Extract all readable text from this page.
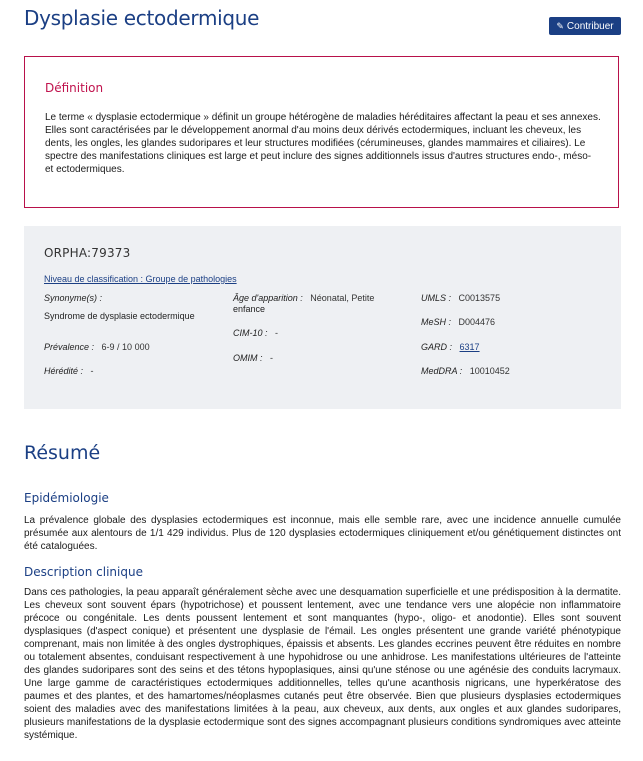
Dysplasie ectodermique	✎ Contribuer
Définition

Le terme « dysplasie ectodermique » définit un groupe hétérogène de maladies héréditaires affectant la peau et ses annexes. Elles sont caractérisées par le développement anormal d'au moins deux dérivés ectodermiques, incluant les cheveux, les dents, les ongles, les glandes sudoripares et leur structures modifiées (cérumineuses, glandes mammaires et ciliaires). Le spectre des manifestations cliniques est large et peut inclure des signes additionnels issus d'autres structures endo-, méso- et ectodermiques.

ORPHA:79373
Niveau de classification : Groupe de pathologies
Synonyme(s) :
Syndrome de dysplasie ectodermique
Prévalence : 6-9 / 10 000
Hérédité : -
Âge d'apparition : Néonatal, Petite
enfance
CIM-10 : -
OMIM : -
UMLS : C0013575
MeSH : D004476
GARD : 6317
MedDRA : 10010452
Résumé
Epidémiologie

La prévalence globale des dysplasies ectodermiques est inconnue, mais elle semble rare, avec une incidence annuelle cumulée présumée aux alentours de 1/1 429 individus. Plus de 120 dysplasies ectodermiques cliniquement et/ou génétiquement distinctes ont été cataloguées.

Description clinique

Dans ces pathologies, la peau apparaît généralement sèche avec une desquamation superficielle et une prédisposition à la dermatite. Les cheveux sont souvent épars (hypotrichose) et poussent lentement, avec une tendance vers une alopécie non inflammatoire précoce ou congénitale. Les dents poussent lentement et sont manquantes (hypo-, oligo- et anodontie). Elles sont souvent dysplasiques (d'aspect conique) et présentent une dysplasie de l'émail. Les ongles présentent une grande variété phénotypique comprenant, mais non limitée à des ongles dystrophiques, épaissis et absents. Les glandes eccrines peuvent être réduites en nombre ou totalement absentes, conduisant respectivement à une hypohidrose ou une anhidrose. Les manifestations ultérieures de l'atteinte des glandes sudoripares sont des seins et des tétons hypoplasiques, ainsi qu'une sténose ou une agénésie des conduits lacrymaux. Une large gamme de caractéristiques ectodermiques additionnelles, telles qu'une acanthosis nigricans, une hyperkératose des paumes et des plantes, et des hamartomes/néoplasmes cutanés peut être observée. Bien que plusieurs dysplasies ectodermiques soient des maladies avec des manifestations limitées à la peau, aux cheveux, aux dents, aux ongles et aux glandes sudoripares, plusieurs manifestations de la dysplasie ectodermique sont des signes accompagnant plusieurs conditions syndromiques avec atteinte systémique.
